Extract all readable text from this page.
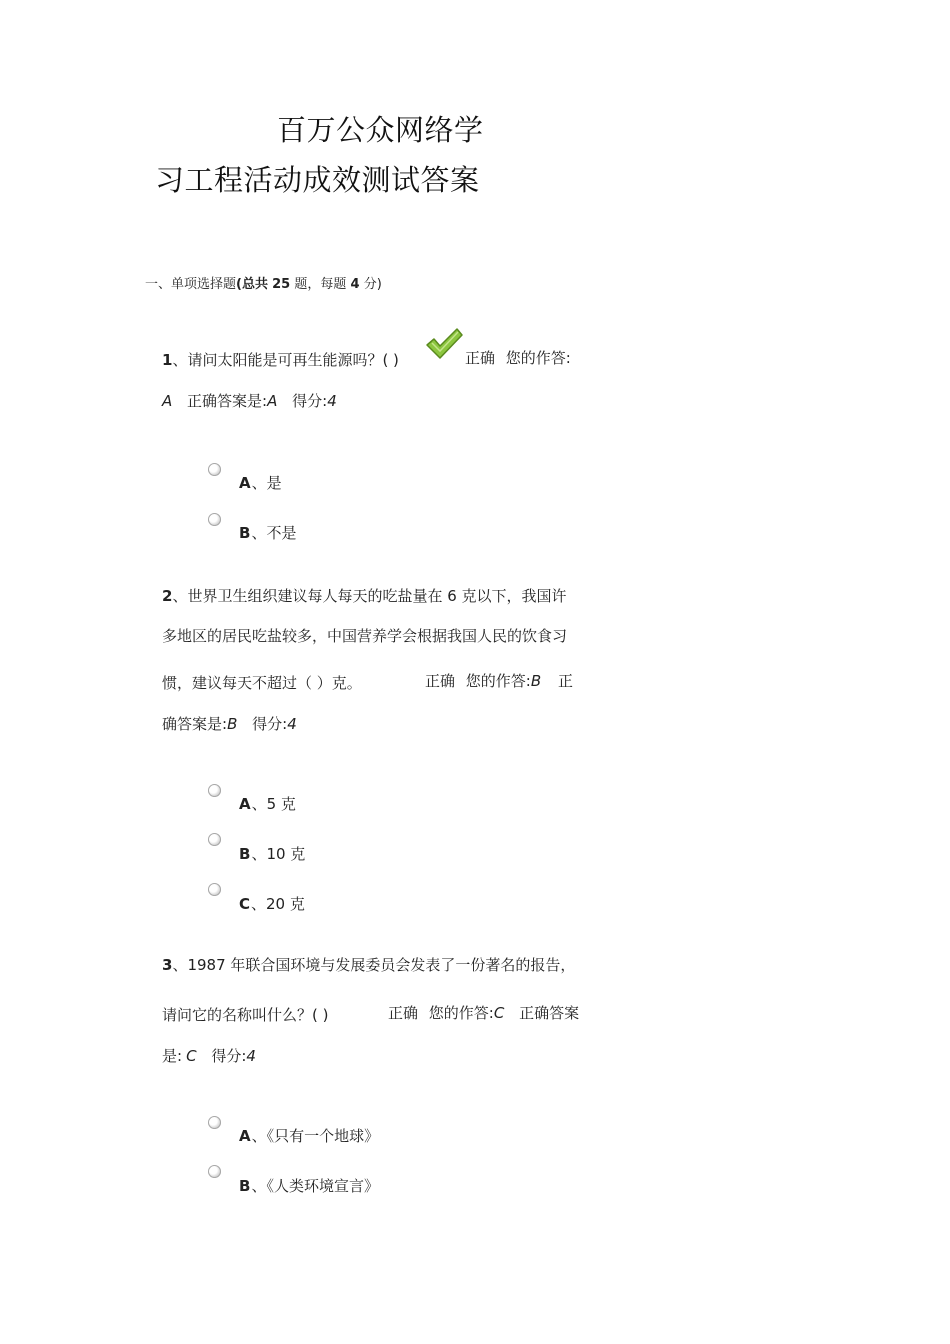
百万公众网络学
习工程活动成效测试答案
一、单项选择题(总共 25 题，每题 4 分)
1、请问太阳能是可再生能源吗？( )	正确 您的作答:
A 正确答案是:A 得分:4
A、是
B、不是
2、世界卫生组织建议每人每天的吃盐量在 6 克以下，我国许
多地区的居民吃盐较多，中国营养学会根据我国人民的饮食习
惯，建议每天不超过（ ）克。	正确 您的作答:B 正
确答案是:B 得分:4
A、5 克
B、10 克
C、20 克
3、1987 年联合国环境与发展委员会发表了一份著名的报告，
请问它的名称叫什么？( )	正确 您的作答:C 正确答案
是: C 得分:4
A、《只有一个地球》
B、《人类环境宣言》
